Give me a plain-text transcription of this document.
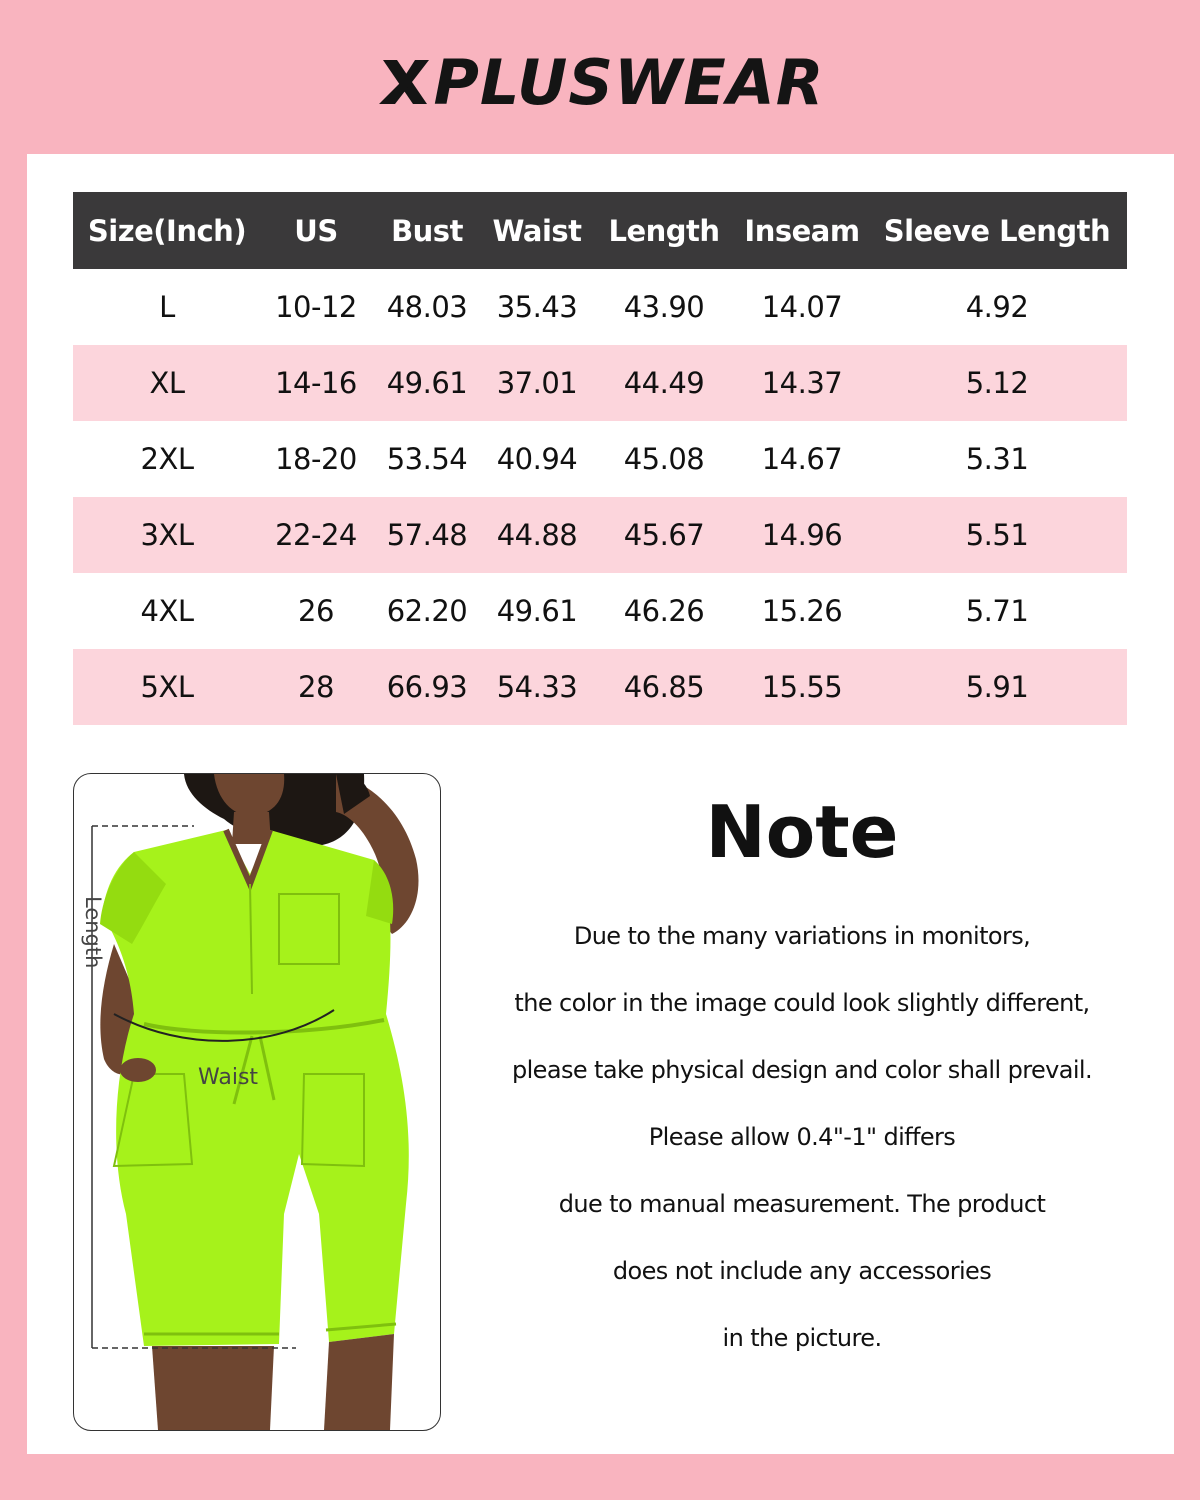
PLUSWEAR
Size(Inch)	US	Bust	Waist	Length	Inseam	Sleeve Length
L	10-12	48.03	35.43	43.90	14.07	4.92
XL	14-16	49.61	37.01	44.49	14.37	5.12
2XL	18-20	53.54	40.94	45.08	14.67	5.31
3XL	22-24	57.48	44.88	45.67	14.96	5.51
4XL	26	62.20	49.61	46.26	15.26	5.71
5XL	28	66.93	54.33	46.85	15.55	5.91
Length
Waist
Note
Due to the many variations in monitors,
the color in the image could look slightly different,
please take physical design and color shall prevail.
Please allow 0.4"-1" differs
due to manual measurement. The product
does not include any accessories
in the picture.
